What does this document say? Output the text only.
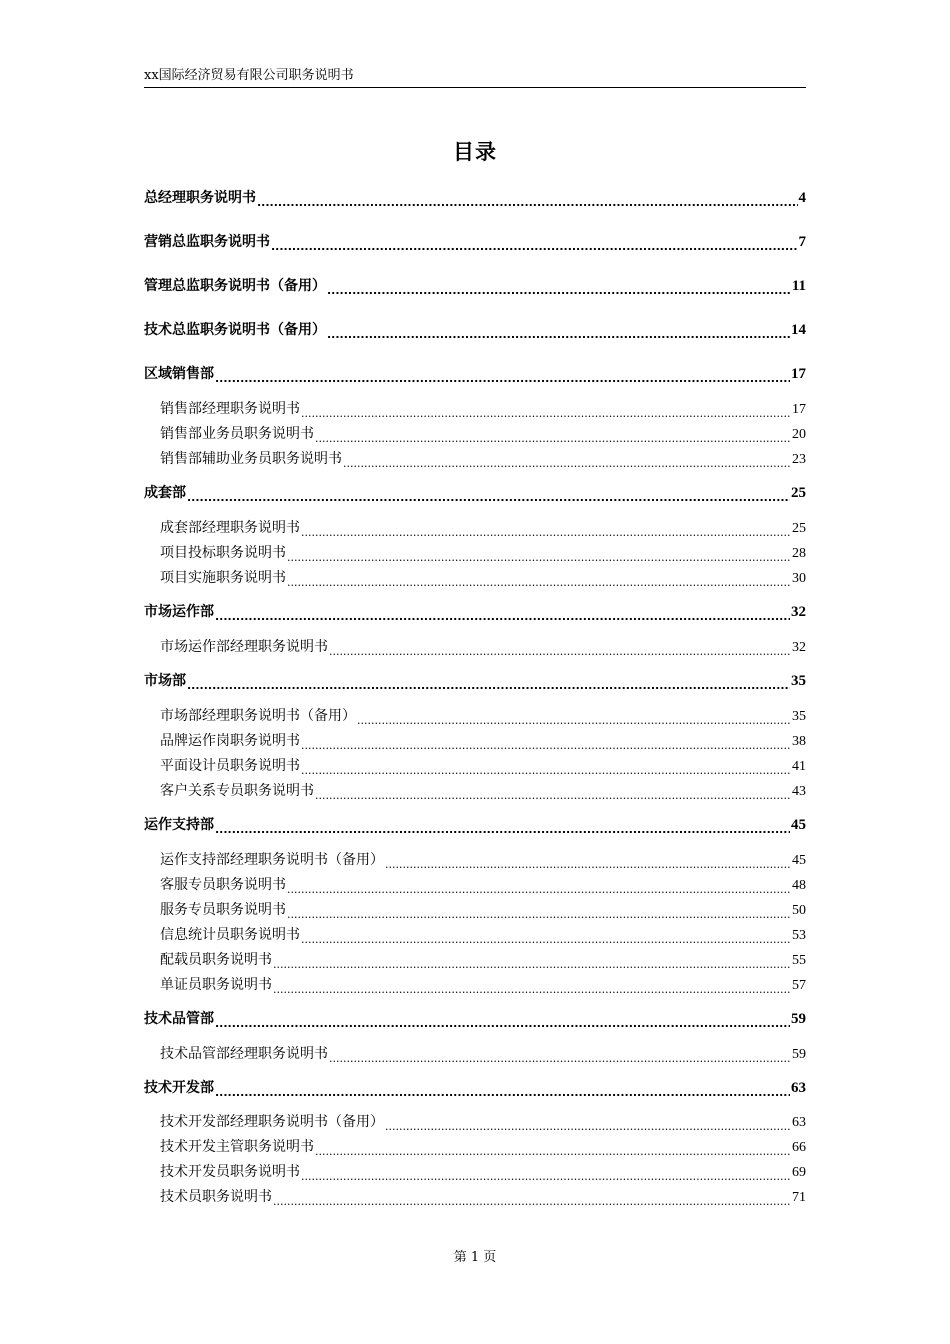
xx国际经济贸易有限公司职务说明书
目录
总经理职务说明书 .....	4
营销总监职务说明书 .....	7
管理总监职务说明书（备用） .....	11
技术总监职务说明书（备用） .....	14
区域销售部 .....	17
销售部经理职务说明书 .....	17
销售部业务员职务说明书 .....	20
销售部辅助业务员职务说明书 .....	23
成套部 .....	25
成套部经理职务说明书 .....	25
项目投标职务说明书 .....	28
项目实施职务说明书 .....	30
市场运作部 .....	32
市场运作部经理职务说明书 .....	32
市场部 .....	35
市场部经理职务说明书（备用） .....	35
品牌运作岗职务说明书 .....	38
平面设计员职务说明书 .....	41
客户关系专员职务说明书 .....	43
运作支持部 .....	45
运作支持部经理职务说明书（备用） .....	45
客服专员职务说明书 .....	48
服务专员职务说明书 .....	50
信息统计员职务说明书 .....	53
配载员职务说明书 .....	55
单证员职务说明书 .....	57
技术品管部 .....	59
技术品管部经理职务说明书 .....	59
技术开发部 .....	63
技术开发部经理职务说明书（备用） .....	63
技术开发主管职务说明书 .....	66
技术开发员职务说明书 .....	69
技术员职务说明书 .....	71
第 1 页
